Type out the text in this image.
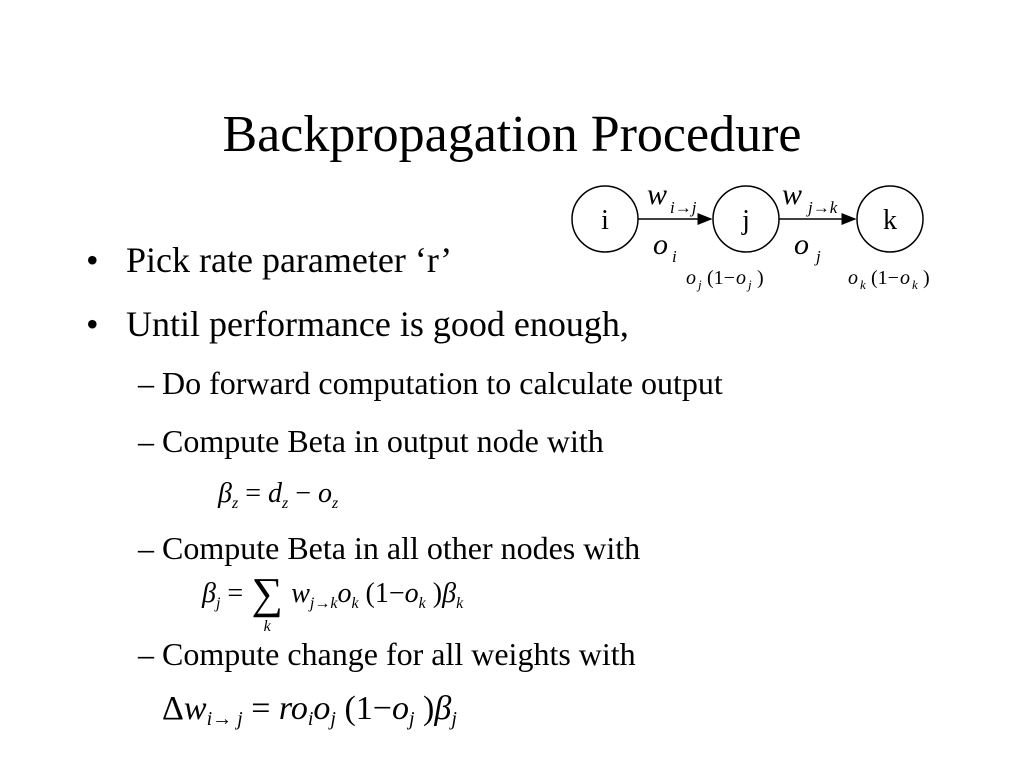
Backpropagation Procedure
i	j	k
w i→j	w j→k
o i	o j
o j (1− o j )	o k (1− o k )
• Pick rate parameter ‘r’
• Until performance is good enough,
– Do forward computation to calculate output
– Compute Beta in output node with
$\beta_z = d_z - o_z$
– Compute Beta in all other nodes with
$\beta_j$ = ∑
k
$w_{j\to k}o_k$ ($1-o_k$ )$\beta_k$
– Compute change for all weights with
$\Delta w_{i\to j} = ro_io_j$ ($1-o_j$ )$\beta_j$
